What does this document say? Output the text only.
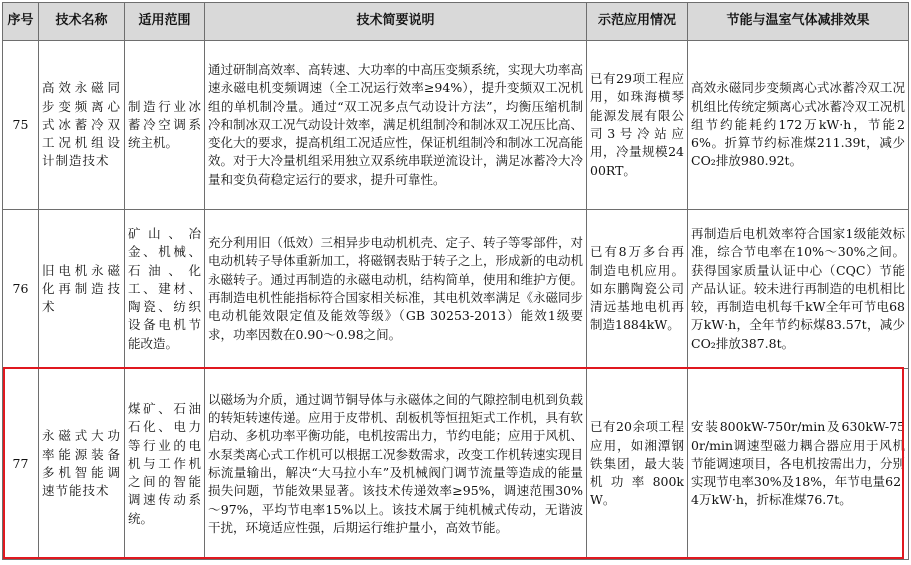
序号	技术名称	适用范围	技术简要说明	示范应用情况	节能与温室气体减排效果
75	高效永磁同步变频离心式冰蓄冷双工况机组设计制造技术	制造行业冰蓄冷空调系统主机。	通过研制高效率、高转速、大功率的中高压变频系统，实现大功率高速永磁电机变频调速（全工况运行效率≥94%），提升变频双工况机组的单机制冷量。通过“双工况多点气动设计方法”，均衡压缩机制冷和制冰双工况气动设计效率，满足机组制冷和制冰双工况压比高、变化大的要求，提高机组工况适应性，保证机组制冷和制冰工况高能效。对于大冷量机组采用独立双系统串联逆流设计，满足冰蓄冷大冷量和变负荷稳定运行的要求，提升可靠性。	已有29项工程应用，如珠海横琴能源发展有限公司3号冷站应用，冷量规模2400RT。	高效永磁同步变频离心式冰蓄冷双工况机组比传统定频离心式冰蓄冷双工况机组节约能耗约172万kW·h，节能26%。折算节约标准煤211.39t，减少CO₂排放980.92t。
76	旧电机永磁化再制造技术	矿山、冶金、机械、石油、化工、建材、陶瓷、纺织设备电机节能改造。	充分利用旧（低效）三相异步电动机机壳、定子、转子等零部件，对电动机转子导体重新加工，将磁钢表贴于转子之上，形成新的电动机永磁转子。通过再制造的永磁电动机，结构简单，使用和维护方便。再制造电机性能指标符合国家相关标准，其电机效率满足《永磁同步电动机能效限定值及能效等级》（GB 30253-2013）能效1级要求，功率因数在0.90～0.98之间。	已有8万多台再制造电机应用。如东鹏陶瓷公司清远基地电机再制造1884kW。	再制造后电机效率符合国家1级能效标准，综合节电率在10%～30%之间。获得国家质量认证中心（CQC）节能产品认证。较未进行再制造的电机相比较，再制造电机每千kW全年可节电68万kW·h，全年节约标煤83.57t，减少CO₂排放387.8t。
77	永磁式大功率能源装备多机智能调速节能技术	煤矿、石油石化、电力等行业的电机与工作机之间的智能调速传动系统。	以磁场为介质，通过调节铜导体与永磁体之间的气隙控制电机到负载的转矩转速传递。应用于皮带机、刮板机等恒扭矩式工作机，具有软启动、多机功率平衡功能，电机按需出力，节约电能；应用于风机、水泵类离心式工作机可以根据工况参数需求，改变工作机转速实现目标流量输出，解决“大马拉小车”及机械阀门调节流量等造成的能量损失问题，节能效果显著。该技术传递效率≥95%，调速范围30%～97%，平均节电率15%以上。该技术属于纯机械式传动，无谐波干扰，环境适应性强，后期运行维护量小，高效节能。	已有20余项工程应用，如湘潭钢铁集团，最大装机功率800kW。	安装800kW-750r/min及630kW-750r/min调速型磁力耦合器应用于风机节能调速项目，各电机按需出力，分别实现节电率30%及18%，年节电量62.4万kW·h，折标准煤76.7t。
